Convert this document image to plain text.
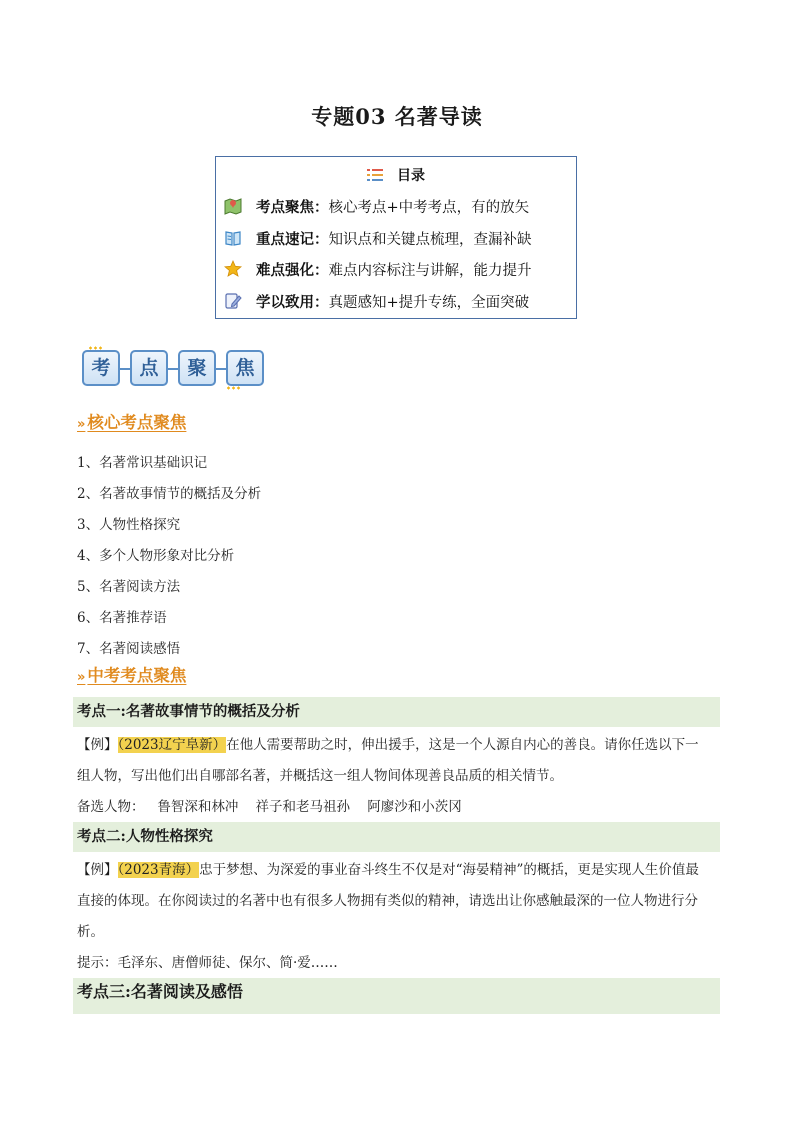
专题03 名著导读
目录
考点聚焦： 核心考点+中考考点，有的放矢
重点速记： 知识点和关键点梳理，查漏补缺
难点强化： 难点内容标注与讲解，能力提升
学以致用： 真题感知+提升专练，全面突破
考	点	聚	焦
» 核心考点聚焦
1、名著常识基础识记
2、名著故事情节的概括及分析
3、人物性格探究
4、多个人物形象对比分析
5、名著阅读方法
6、名著推荐语
7、名著阅读感悟
» 中考考点聚焦
考点一:名著故事情节的概括及分析
【例】（2023辽宁阜新）在他人需要帮助之时，伸出援手，这是一个人源自内心的善良。请你任选以下一
组人物，写出他们出自哪部名著，并概括这一组人物间体现善良品质的相关情节。
备选人物：   鲁智深和林冲    祥子和老马祖孙    阿廖沙和小茨冈
考点二:人物性格探究
【例】（2023青海）忠于梦想、为深爱的事业奋斗终生不仅是对“海晏精神”的概括，更是实现人生价值最
直接的体现。在你阅读过的名著中也有很多人物拥有类似的精神，请选出让你感触最深的一位人物进行分
析。
提示：毛泽东、唐僧师徒、保尔、简·爱……
考点三:名著阅读及感悟
